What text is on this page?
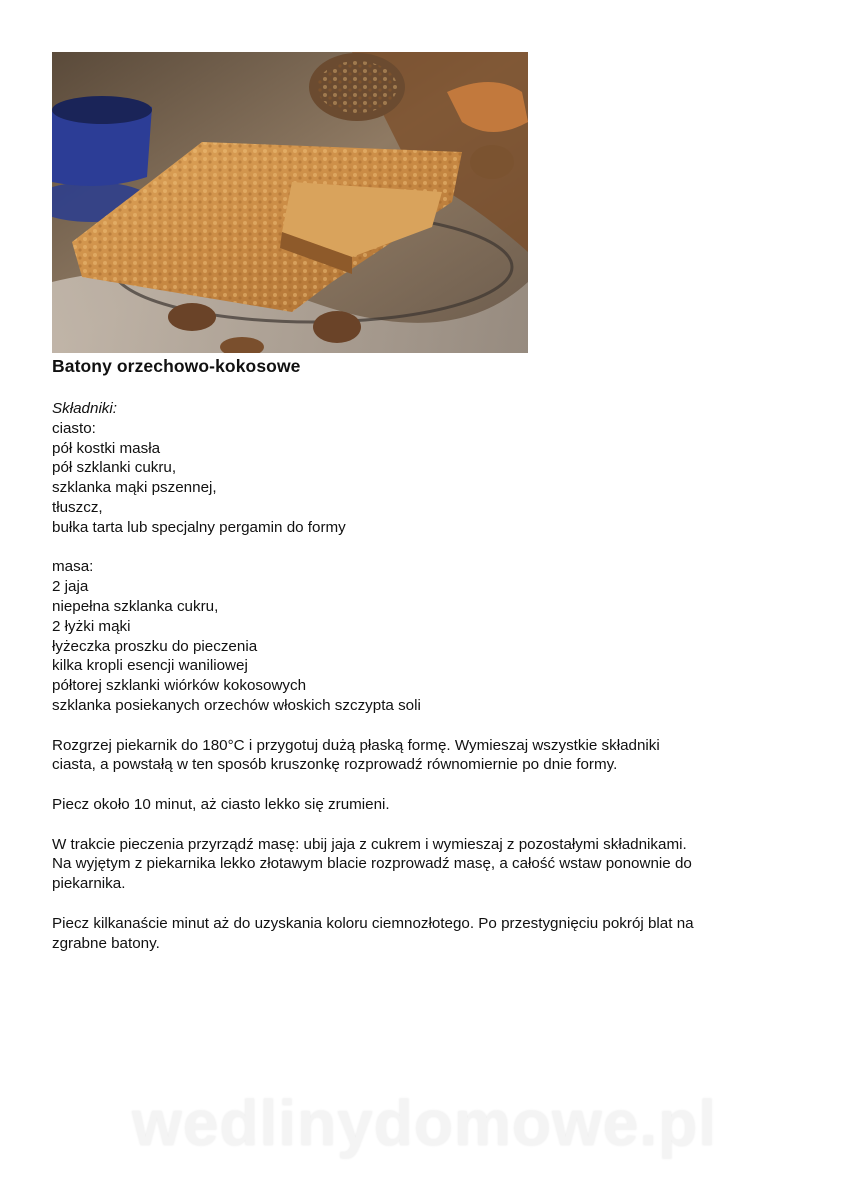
Batony orzechowo-kokosowe
Składniki:
ciasto:
pół kostki masła
pół szklanki cukru,
szklanka mąki pszennej,
tłuszcz,
bułka tarta lub specjalny pergamin do formy
masa:
2 jaja
niepełna szklanka cukru,
2 łyżki mąki
łyżeczka proszku do pieczenia
kilka kropli esencji waniliowej
półtorej szklanki wiórków kokosowych
szklanka posiekanych orzechów włoskich szczypta soli
Rozgrzej piekarnik do 180°C i przygotuj dużą płaską formę. Wymieszaj wszystkie składniki
ciasta, a powstałą w ten sposób kruszonkę rozprowadź równomiernie po dnie formy.
Piecz około 10 minut, aż ciasto lekko się zrumieni.
W trakcie pieczenia przyrządź masę: ubij jaja z cukrem i wymieszaj z pozostałymi składnikami.
Na wyjętym z piekarnika lekko złotawym blacie rozprowadź masę, a całość wstaw ponownie do
piekarnika.
Piecz kilkanaście minut aż do uzyskania koloru ciemnozłotego. Po przestygnięciu pokrój blat na
zgrabne batony.
wedlinydomowe.pl
